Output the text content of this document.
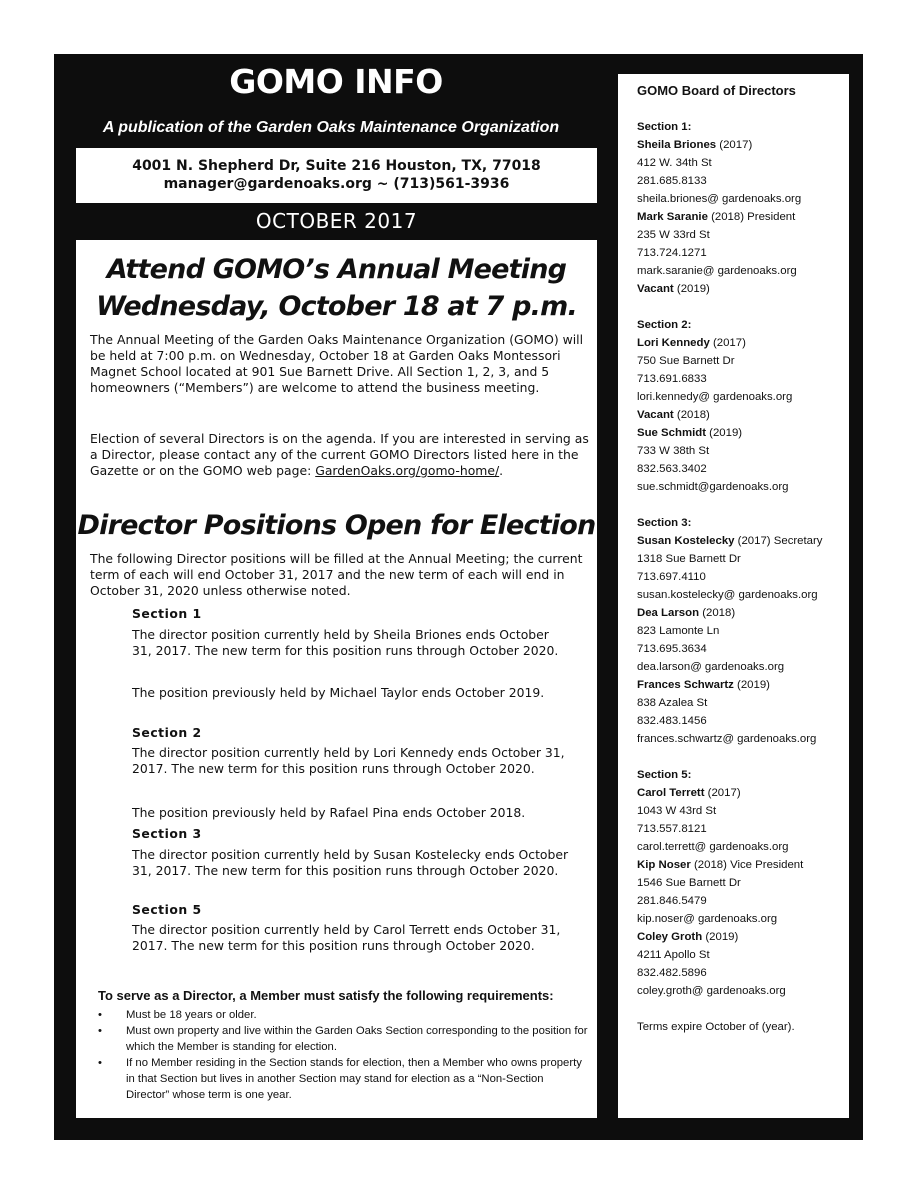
GOMO INFO
A publication of the Garden Oaks Maintenance Organization
4001 N. Shepherd Dr, Suite 216 Houston, TX, 77018
manager@gardenoaks.org ~ (713)561-3936
OCTOBER 2017
Attend GOMO’s Annual Meeting
Wednesday, October 18 at 7 p.m.
The Annual Meeting of the Garden Oaks Maintenance Organization (GOMO) will be held at 7:00 p.m. on Wednesday, October 18 at Garden Oaks Montessori Magnet School located at 901 Sue Barnett Drive. All Section 1, 2, 3, and 5 homeowners (“Members”) are welcome to attend the business meeting.
Election of several Directors is on the agenda. If you are interested in serving as a Director, please contact any of the current GOMO Directors listed here in the Gazette or on the GOMO web page: GardenOaks.org/gomo-home/.
Director Positions Open for Election
The following Director positions will be filled at the Annual Meeting; the current term of each will end October 31, 2017 and the new term of each will end in October 31, 2020 unless otherwise noted.
Section 1
The director position currently held by Sheila Briones ends October 31, 2017. The new term for this position runs through October 2020.
The position previously held by Michael Taylor ends October 2019.
Section 2
The director position currently held by Lori Kennedy ends October 31, 2017. The new term for this position runs through October 2020.
The position previously held by Rafael Pina ends October 2018.
Section 3
The director position currently held by Susan Kostelecky ends October 31, 2017. The new term for this position runs through October 2020.
Section 5
The director position currently held by Carol Terrett ends October 31, 2017. The new term for this position runs through October 2020.
To serve as a Director, a Member must satisfy the following requirements:
• Must be 18 years or older.
• Must own property and live within the Garden Oaks Section corresponding to the position for which the Member is standing for election.
• If no Member residing in the Section stands for election, then a Member who owns property in that Section but lives in another Section may stand for election as a “Non-Section Director” whose term is one year.
GOMO Board of Directors
Section 1:
Sheila Briones (2017)
412 W. 34th St
281.685.8133
sheila.briones@ gardenoaks.org
Mark Saranie (2018) President
235 W 33rd St
713.724.1271
mark.saranie@ gardenoaks.org
Vacant (2019)
Section 2:
Lori Kennedy (2017)
750 Sue Barnett Dr
713.691.6833
lori.kennedy@ gardenoaks.org
Vacant (2018)
Sue Schmidt (2019)
733 W 38th St
832.563.3402
sue.schmidt@gardenoaks.org
Section 3:
Susan Kostelecky (2017) Secretary
1318 Sue Barnett Dr
713.697.4110
susan.kostelecky@ gardenoaks.org
Dea Larson (2018)
823 Lamonte Ln
713.695.3634
dea.larson@ gardenoaks.org
Frances Schwartz (2019)
838 Azalea St
832.483.1456
frances.schwartz@ gardenoaks.org
Section 5:
Carol Terrett (2017)
1043 W 43rd St
713.557.8121
carol.terrett@ gardenoaks.org
Kip Noser (2018) Vice President
1546 Sue Barnett Dr
281.846.5479
kip.noser@ gardenoaks.org
Coley Groth (2019)
4211 Apollo St
832.482.5896
coley.groth@ gardenoaks.org
Terms expire October of (year).
